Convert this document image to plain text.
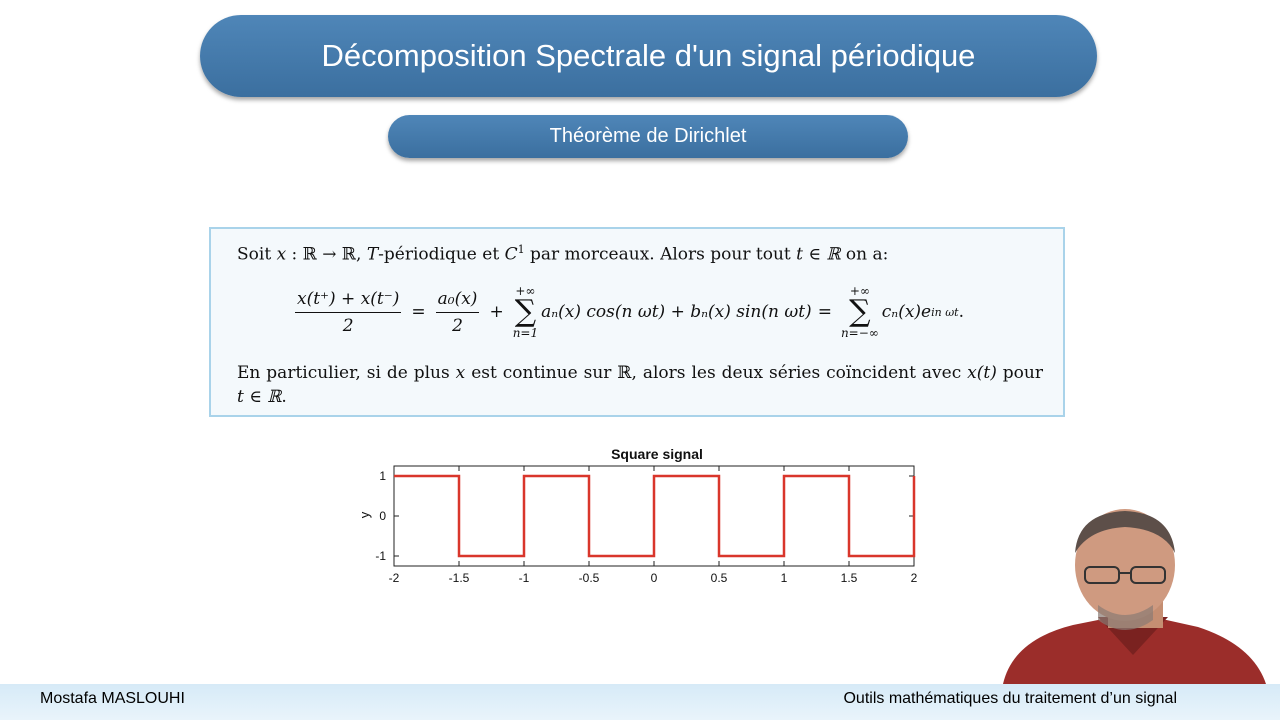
Décomposition Spectrale d'un signal périodique
Théorème de Dirichlet
Soit x : ℝ → ℝ, T-périodique et $C^1$ par morceaux. Alors pour tout t ∈ ℝ on a:
$\frac{x(t^+) + x(t^-)}{2} = \frac{\text{a₀(x)}}{2}$ +
+∞
∑
n=1
aₙ(x) cos(n ωt) + bₙ(x) sin(n ωt) =
+∞
∑
n=−∞
cₙ(x)e in ωt .
En particulier, si de plus x est continue sur ℝ, alors les deux séries coïncident avec x(t) pour t ∈ ℝ.
Square signal
y
-2	-1.5	-1	-0.5	0	0.5	1	1.5	2
1
0
-1
Mostafa MASLOUHI	Outils mathématiques du traitement d’un signal
